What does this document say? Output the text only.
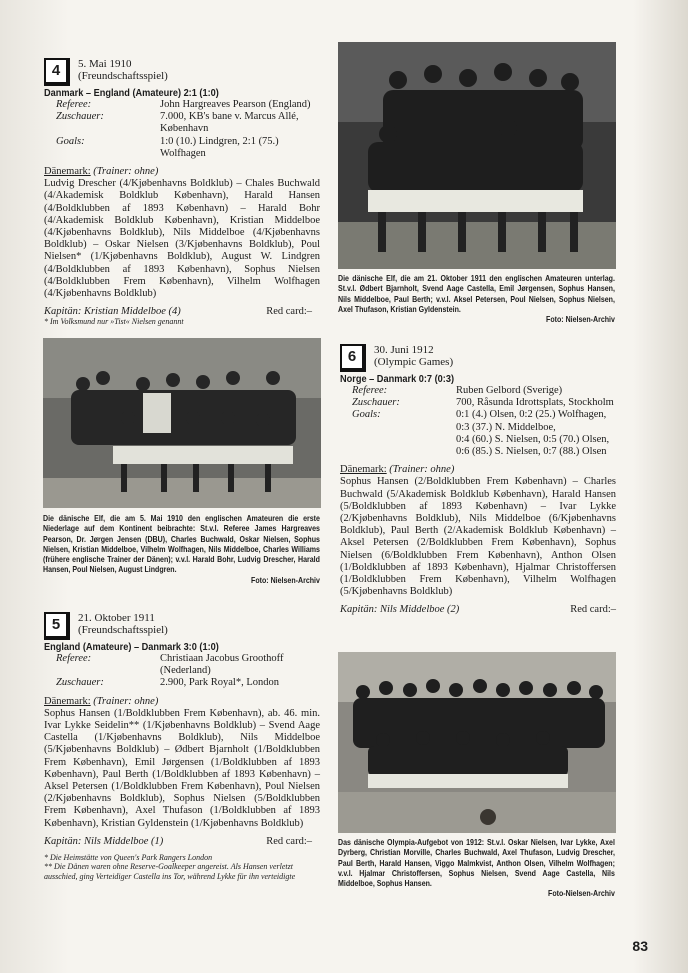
4	5. Mai 1910
(Freundschaftsspiel)
Danmark – England (Amateure) 2:1 (1:0)
Referee:	John Hargreaves Pearson (England)
Zuschauer:	7.000, KB's bane v. Marcus Allé,
København
Goals:	1:0 (10.) Lindgren, 2:1 (75.) Wolfhagen
Dänemark: (Trainer: ohne)
Ludvig Drescher (4/Kjøbenhavns Boldklub) – Chales Buchwald (4/Akademisk Boldklub København), Harald Hansen (4/Boldklubben af 1893 København) – Harald Bohr (4/Akademisk Boldklub København), Kristian Middelboe (4/Kjøbenhavns Boldklub), Nils Middelboe (4/Kjøbenhavns Boldklub) – Oskar Nielsen (3/Kjøbenhavns Boldklub), Poul Nielsen* (1/Kjøbenhavns Boldklub), August W. Lindgren (4/Boldklubben af 1893 København), Sophus Nielsen (4/Boldklubben Frem København), Vilhelm Wolfhagen (4/Kjøbenhavns Boldklub)
Kapitän: Kristian Middelboe (4)	Red card:–
* Im Volksmund nur »Tist« Nielsen genannt
Die dänische Elf, die am 21. Oktober 1911 den englischen Amateuren unterlag. St.v.l. Ødbert Bjarnholt, Svend Aage Castella, Emil Jørgensen, Sophus Hansen, Nils Middelboe, Paul Berth; v.v.l. Aksel Petersen, Poul Nielsen, Sophus Nielsen, Axel Thufason, Kristian Gyldenstein.
Foto: Nielsen-Archiv
6	30. Juni 1912
(Olympic Games)
Norge – Danmark 0:7 (0:3)
Referee:	Ruben Gelbord (Sverige)
Zuschauer:	700, Råsunda Idrottsplats, Stockholm
Goals:	0:1 (4.) Olsen, 0:2 (25.) Wolfhagen,
0:3 (37.) N. Middelboe,
0:4 (60.) S. Nielsen, 0:5 (70.) Olsen,
0:6 (85.) S. Nielsen, 0:7 (88.) Olsen
Dänemark: (Trainer: ohne)
Sophus Hansen (2/Boldklubben Frem København) – Charles Buchwald (5/Akademisk Boldklub København), Harald Hansen (5/Boldklubben af 1893 København) – Ivar Lykke (2/Kjøbenhavns Boldklub), Nils Middelboe (6/Kjøbenhavns Boldklub), Paul Berth (2/Akademisk Boldklub København) – Aksel Petersen (2/Boldklubben Frem København), Sophus Nielsen (6/Boldklubben Frem København), Anthon Olsen (1/Boldklubben af 1893 København), Hjalmar Christoffersen (1/Boldklubben Frem København), Vilhelm Wolfhagen (5/Kjøbenhavns Boldklub)
Kapitän: Nils Middelboe (2)	Red card:–
Die dänische Elf, die am 5. Mai 1910 den englischen Amateuren die erste Niederlage auf dem Kontinent beibrachte: St.v.l. Referee James Hargreaves Pearson, Dr. Jørgen Jensen (DBU), Charles Buchwald, Oskar Nielsen, Sophus Nielsen, Kristian Middelboe, Vilhelm Wolfhagen, Nils Middelboe, Charles Williams (frühere englische Trainer der Dänen); v.v.l. Harald Bohr, Ludvig Drescher, Harald Hansen, Poul Nielsen, August Lindgren.
Foto: Nielsen-Archiv
5	21. Oktober 1911
(Freundschaftsspiel)
England (Amateure) – Danmark 3:0 (1:0)
Referee:	Christiaan Jacobus Groothoff (Nederland)
Zuschauer:	2.900, Park Royal*, London
Dänemark: (Trainer: ohne)
Sophus Hansen (1/Boldklubben Frem København), ab. 46. min. Ivar Lykke Seidelin** (1/Kjøbenhavns Boldklub) – Svend Aage Castella (1/Kjøbenhavns Boldklub), Nils Middelboe (5/Kjøbenhavns Boldklub) – Ødbert Bjarnholt (1/Boldklubben Frem København), Emil Jørgensen (1/Boldklubben af 1893 København), Paul Berth (1/Boldklubben af 1893 København) – Aksel Petersen (1/Boldklubben Frem København), Poul Nielsen (2/Kjøbenhavns Boldklub), Sophus Nielsen (5/Boldklubben Frem København), Axel Thufason (1/Boldklubben af 1893 København), Kristian Gyldenstein (1/Kjøbenhavns Boldklub)
Kapitän: Nils Middelboe (1)	Red card:–
* Die Heimstätte von Queen's Park Rangers London
** Die Dänen waren ohne Reserve-Goalkeeper angereist. Als Hansen verletzt ausschied, ging Verteidiger Castella ins Tor, während Lykke für ihn verteidigte
Das dänische Olympia-Aufgebot von 1912: St.v.l. Oskar Nielsen, Ivar Lykke, Axel Dyrberg, Christian Morville, Charles Buchwald, Axel Thufason, Ludvig Drescher, Paul Berth, Harald Hansen, Viggo Malmkvist, Anthon Olsen, Vilhelm Wolfhagen; v.v.l. Hjalmar Christoffersen, Sophus Nielsen, Svend Aage Castella, Nils Middelboe, Sophus Hansen.
Foto-Nielsen-Archiv
83
